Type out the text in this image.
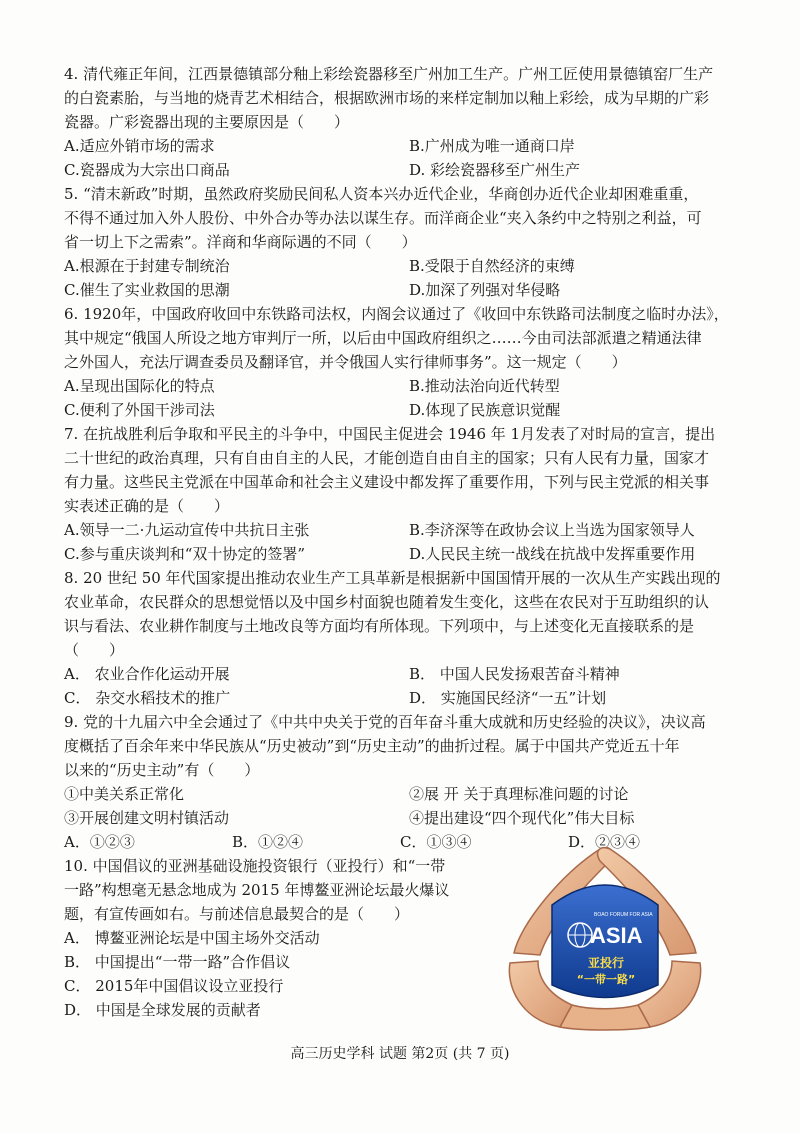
4. 清代雍正年间，江西景德镇部分釉上彩绘瓷器移至广州加工生产。广州工匠使用景德镇窑厂生产
的白瓷素胎，与当地的烧青艺术相结合，根据欧洲市场的来样定制加以釉上彩绘，成为早期的广彩
瓷器。广彩瓷器出现的主要原因是（　　）
A.适应外销市场的需求	B.广州成为唯一通商口岸
C.瓷器成为大宗出口商品	D. 彩绘瓷器移至广州生产
5. “清末新政”时期，虽然政府奖励民间私人资本兴办近代企业，华商创办近代企业却困难重重，
不得不通过加入外人股份、中外合办等办法以谋生存。而洋商企业“夹入条约中之特别之利益，可
省一切上下之需索”。洋商和华商际遇的不同（　　）
A.根源在于封建专制统治	B.受限于自然经济的束缚
C.催生了实业救国的思潮	D.加深了列强对华侵略
6. 1920年，中国政府收回中东铁路司法权，内阁会议通过了《收回中东铁路司法制度之临时办法》，
其中规定“俄国人所设之地方审判厅一所，以后由中国政府组织之……今由司法部派遣之精通法律
之外国人，充法厅调查委员及翻译官，并令俄国人实行律师事务”。这一规定（　　）
A.呈现出国际化的特点	B.推动法治向近代转型
C.便利了外国干涉司法	D.体现了民族意识觉醒
7. 在抗战胜利后争取和平民主的斗争中，中国民主促进会 1946 年 1月发表了对时局的宣言，提出
二十世纪的政治真理，只有自由自主的人民，才能创造自由自主的国家；只有人民有力量，国家才
有力量。这些民主党派在中国革命和社会主义建设中都发挥了重要作用，下列与民主党派的相关事
实表述正确的是（　　）
A.领导一二·九运动宣传中共抗日主张	B.李济深等在政协会议上当选为国家领导人
C.参与重庆谈判和“双十协定的签署”	D.人民民主统一战线在抗战中发挥重要作用
8. 20 世纪 50 年代国家提出推动农业生产工具革新是根据新中国国情开展的一次从生产实践出现的
农业革命，农民群众的思想觉悟以及中国乡村面貌也随着发生变化，这些在农民对于互助组织的认
识与看法、农业耕作制度与土地改良等方面均有所体现。下列项中，与上述变化无直接联系的是
（　　）
A． 农业合作化运动开展	B． 中国人民发扬艰苦奋斗精神
C． 杂交水稻技术的推广	D． 实施国民经济“一五”计划
9. 党的十九届六中全会通过了《中共中央关于党的百年奋斗重大成就和历史经验的决议》，决议高
度概括了百余年来中华民族从“历史被动”到“历史主动”的曲折过程。属于中国共产党近五十年
以来的“历史主动”有（　　）
①中美关系正常化	②展 开 关于真理标准问题的讨论
③开展创建文明村镇活动	④提出建设“四个现代化”伟大目标
A．①②③	B．①②④	C．①③④	D．②③④
10. 中国倡议的亚洲基础设施投资银行（亚投行）和“一带
一路”构想毫无悬念地成为 2015 年博鳌亚洲论坛最火爆议
题，有宣传画如右。与前述信息最契合的是（　　）
A． 博鳌亚洲论坛是中国主场外交活动
B． 中国提出“一带一路”合作倡议
C． 2015年中国倡议设立亚投行
D． 中国是全球发展的贡献者
BOAO FORUM FOR ASIA
ASIA
亚投行
“一带一路”
高三历史学科 试题 第2页 (共 7 页)
